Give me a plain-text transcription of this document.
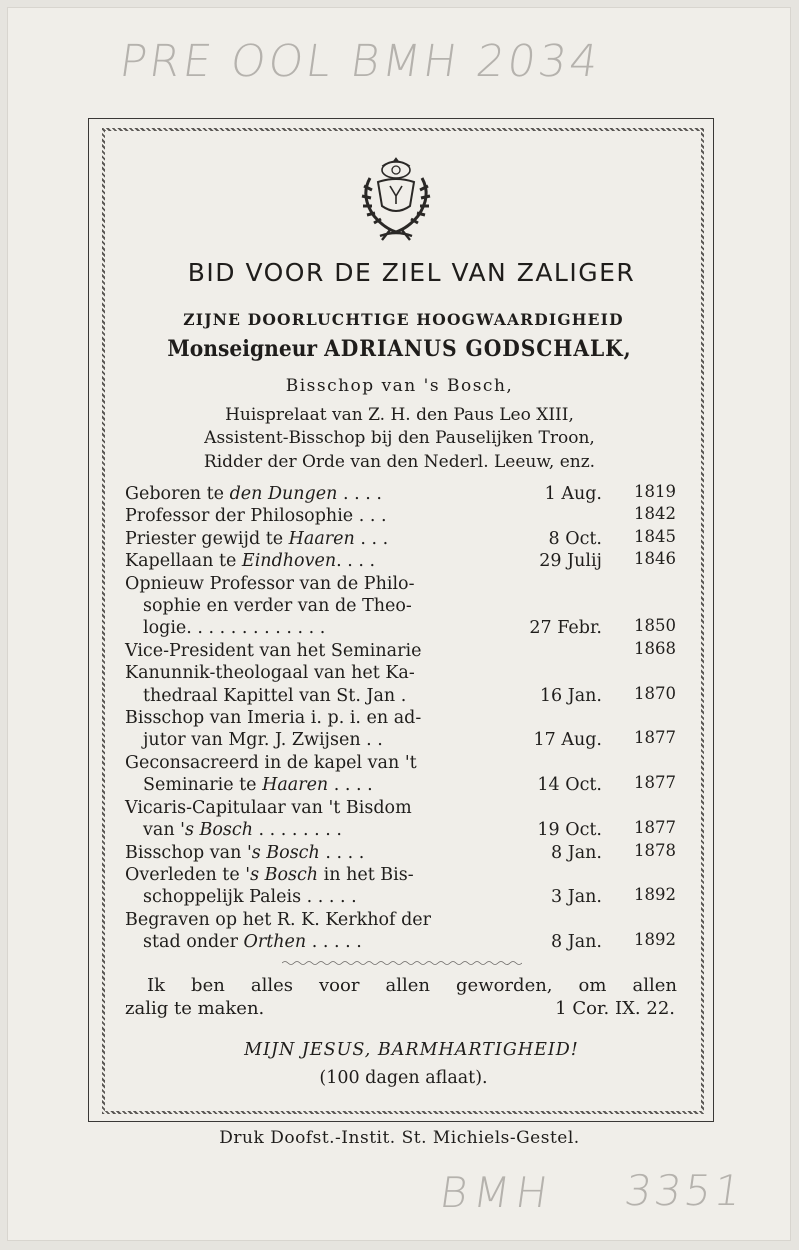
PRE OOL BMH 2034
BMH 3351
BID VOOR DE ZIEL VAN ZALIGER
ZIJNE DOORLUCHTIGE HOOGWAARDIGHEID
Monseigneur ADRIANUS GODSCHALK,
Bisschop van 's Bosch,
Huisprelaat van Z. H. den Paus Leo XIII,
Assistent-Bisschop bij den Pauselijken Troon,
Ridder der Orde van den Nederl. Leeuw, enz.
Geboren te den Dungen . . . .	1 Aug. 1819
Professor der Philosophie . . .	1842
Priester gewijd te Haaren . . .	8 Oct. 1845
Kapellaan te Eindhoven. . . .	29 Julij 1846
Opnieuw Professor van de Philo-
sophie en verder van de Theo-
logie. . . . . . . . . . . . .	27 Febr. 1850
Vice-President van het Seminarie	1868
Kanunnik-theologaal van het Ka-
thedraal Kapittel van St. Jan .	16 Jan. 1870
Bisschop van Imeria i. p. i. en ad-
jutor van Mgr. J. Zwijsen . .	17 Aug. 1877
Geconsacreerd in de kapel van 't
Seminarie te Haaren . . . .	14 Oct. 1877
Vicaris-Capitulaar van 't Bisdom
van 's Bosch . . . . . . . .	19 Oct. 1877
Bisschop van 's Bosch . . . .	8 Jan. 1878
Overleden te 's Bosch in het Bis-
schoppelijk Paleis . . . . .	3 Jan. 1892
Begraven op het R. K. Kerkhof der
stad onder Orthen . . . . .	8 Jan. 1892
Ik ben alles voor allen geworden, om allen
zalig te maken.	1 Cor. IX. 22.
MIJN JESUS, BARMHARTIGHEID!
(100 dagen aflaat).
Druk Doofst.-Instit. St. Michiels-Gestel.
